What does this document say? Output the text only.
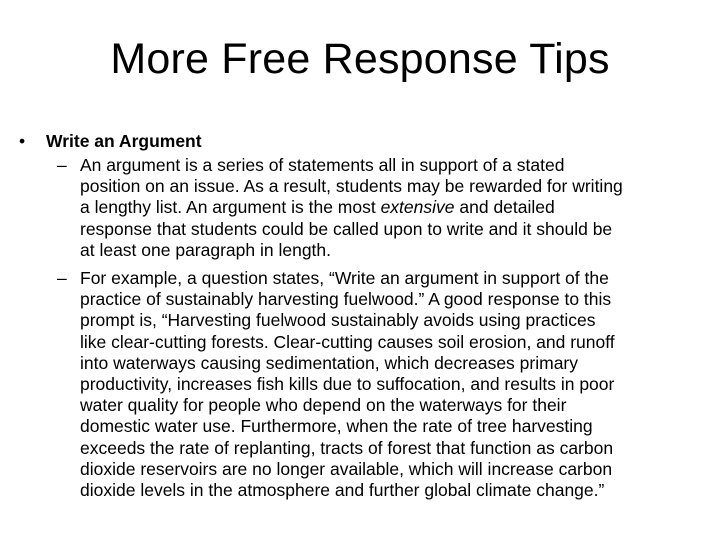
More Free Response Tips
•	Write an Argument
– An argument is a series of statements all in support of a stated
position on an issue. As a result, students may be rewarded for writing
a lengthy list. An argument is the most extensive and detailed
response that students could be called upon to write and it should be
at least one paragraph in length.
– For example, a question states, “Write an argument in support of the
practice of sustainably harvesting fuelwood.” A good response to this
prompt is, “Harvesting fuelwood sustainably avoids using practices
like clear-cutting forests. Clear-cutting causes soil erosion, and runoff
into waterways causing sedimentation, which decreases primary
productivity, increases fish kills due to suffocation, and results in poor
water quality for people who depend on the waterways for their
domestic water use. Furthermore, when the rate of tree harvesting
exceeds the rate of replanting, tracts of forest that function as carbon
dioxide reservoirs are no longer available, which will increase carbon
dioxide levels in the atmosphere and further global climate change.”
